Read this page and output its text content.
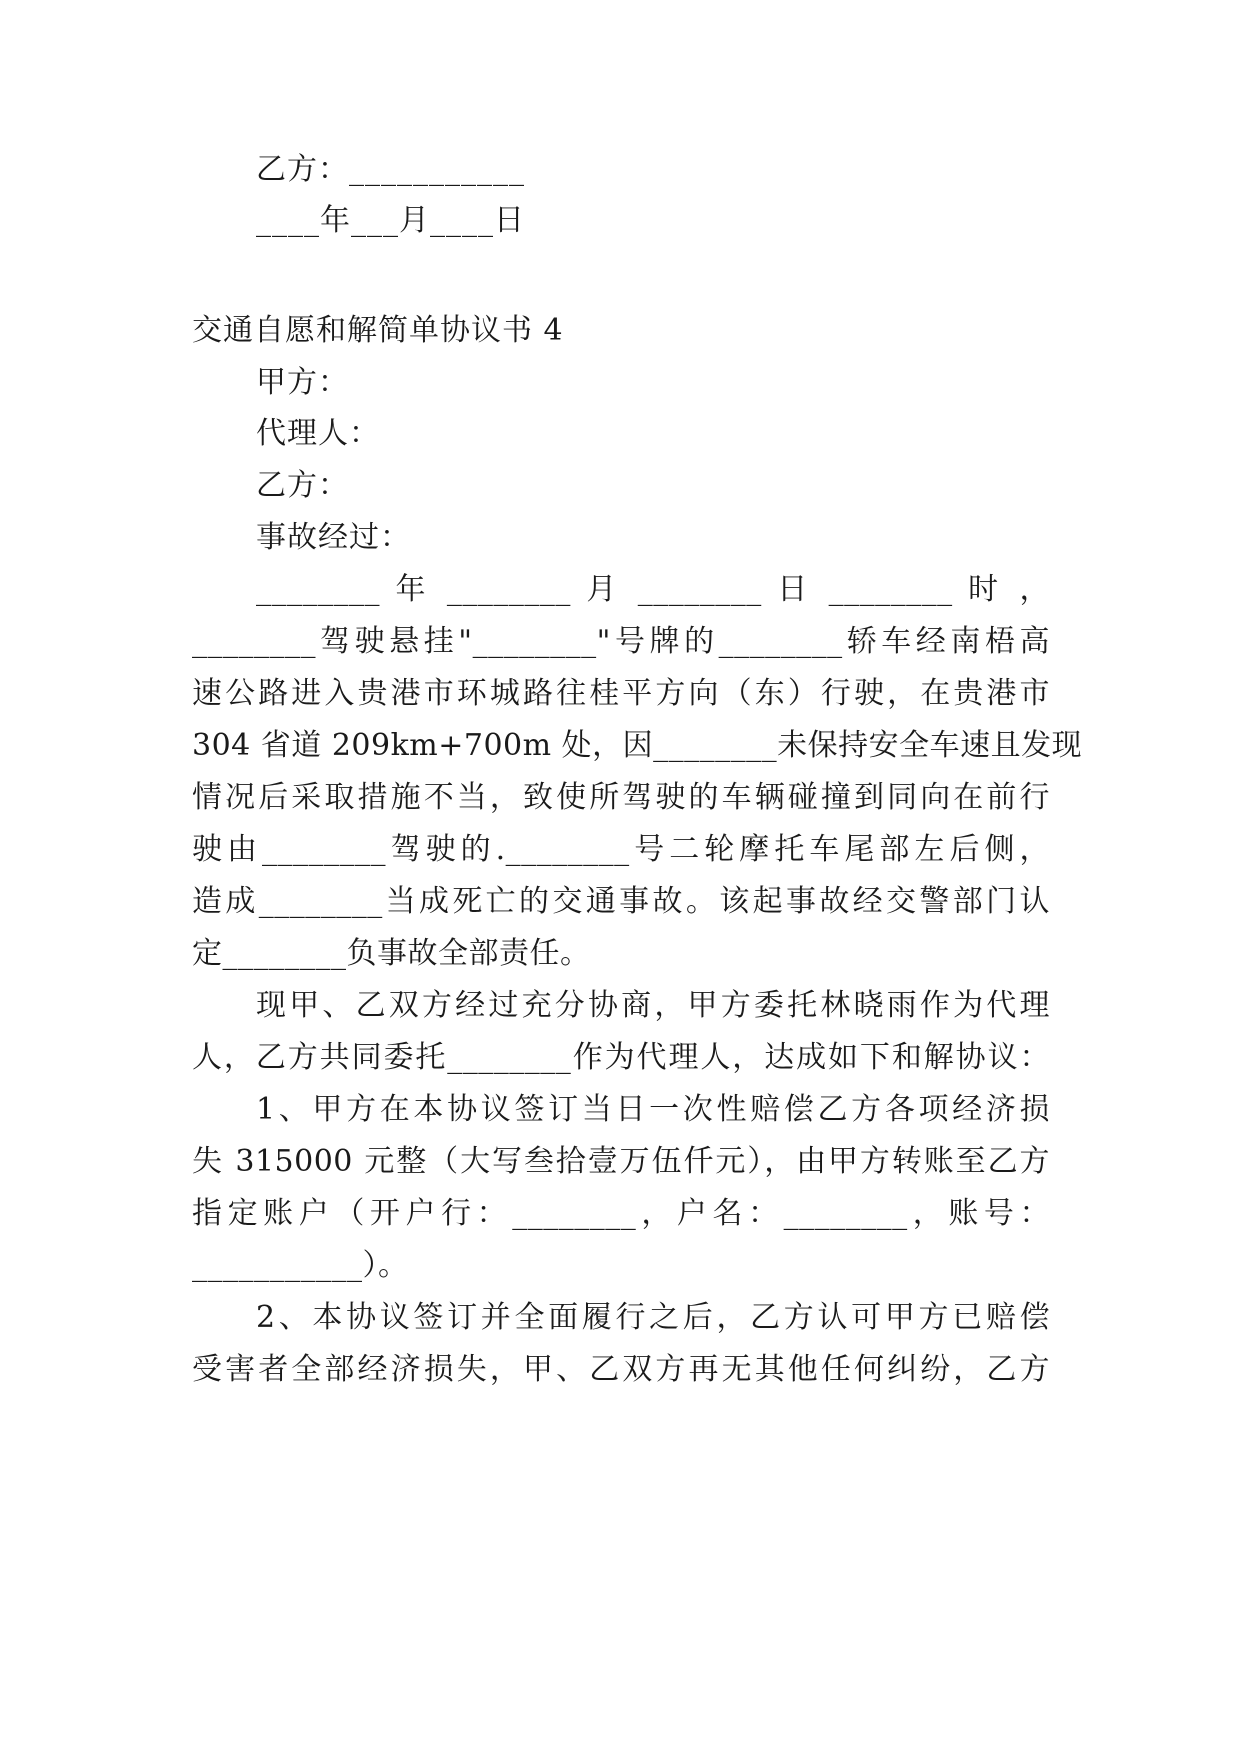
乙方：___________
____年___月____日
交通自愿和解简单协议书 4
甲方：
代理人：
乙方：
事故经过：
________ 年 ________ 月 ________ 日 ________ 时 ，
________驾驶悬挂"________"号牌的________轿车经南梧高
速公路进入贵港市环城路往桂平方向（东）行驶，在贵港市
304 省道 209km+700m 处，因________未保持安全车速且发现
情况后采取措施不当，致使所驾驶的车辆碰撞到同向在前行
驶由________驾驶的.________号二轮摩托车尾部左后侧，
造成________当成死亡的交通事故。该起事故经交警部门认
定________负事故全部责任。
现甲、乙双方经过充分协商，甲方委托林晓雨作为代理
人，乙方共同委托________作为代理人，达成如下和解协议：
1、甲方在本协议签订当日一次性赔偿乙方各项经济损
失 315000 元整（大写叁拾壹万伍仟元），由甲方转账至乙方
指定账户（开户行：________，户名：________，账号：
___________）。
2、本协议签订并全面履行之后，乙方认可甲方已赔偿
受害者全部经济损失，甲、乙双方再无其他任何纠纷，乙方
